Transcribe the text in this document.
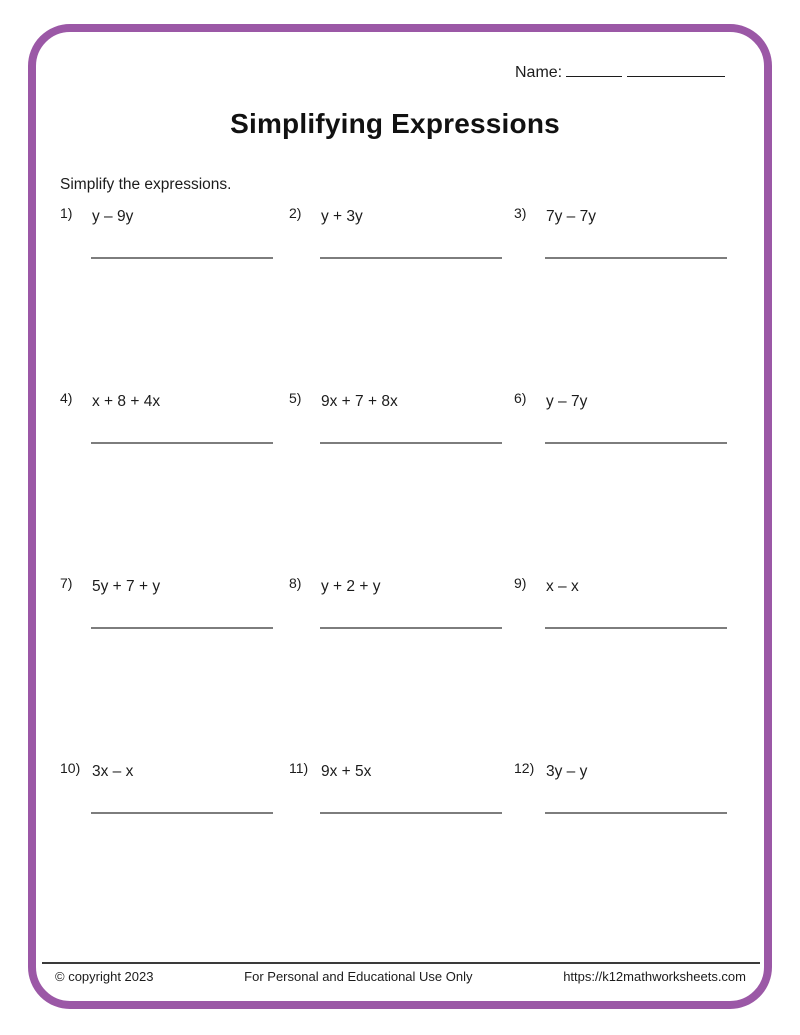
Name:
Simplifying Expressions
Simplify the expressions.
1) y – 9y	2) y + 3y	3) 7y – 7y
4) x + 8 + 4x	5) 9x + 7 + 8x	6) y – 7y
7) 5y + 7 + y	8) y + 2 + y	9) x – x
10) 3x – x	11) 9x + 5x	12) 3y – y
© copyright 2023	For Personal and Educational Use Only	https://k12mathworksheets.com
